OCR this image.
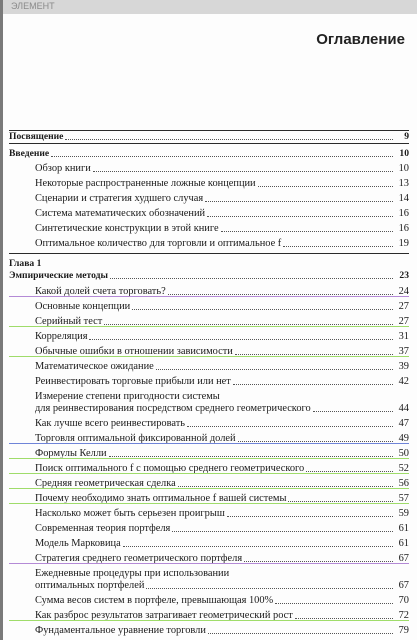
ЭЛЕМЕНТ
Оглавление
Посвящение	9
Введение	10
Обзор книги	10
Некоторые распространенные ложные концепции	13
Сценарии и стратегия худшего случая	14
Система математических обозначений	16
Синтетические конструкции в этой книге	16
Оптимальное количество для торговли и оптимальное f	19
Глава 1
Эмпирические методы	23
Какой долей счета торговать?	24
Основные концепции	27
Серийный тест	27
Корреляция	31
Обычные ошибки в отношении зависимости	37
Математическое ожидание	39
Реинвестировать торговые прибыли или нет	42
Измерение степени пригодности системы
для реинвестирования посредством среднего геометрического	44
Как лучше всего реинвестировать	47
Торговля оптимальной фиксированной долей	49
Формулы Келли	50
Поиск оптимального f с помощью среднего геометрического	52
Средняя геометрическая сделка	56
Почему необходимо знать оптимальное f вашей системы	57
Насколько может быть серьезен проигрыш	59
Современная теория портфеля	61
Модель Марковица	61
Стратегия среднего геометрического портфеля	67
Ежедневные процедуры при использовании
оптимальных портфелей	67
Сумма весов систем в портфеле, превышающая 100%	70
Как разброс результатов затрагивает геометрический рост	72
Фундаментальное уравнение торговли	79
